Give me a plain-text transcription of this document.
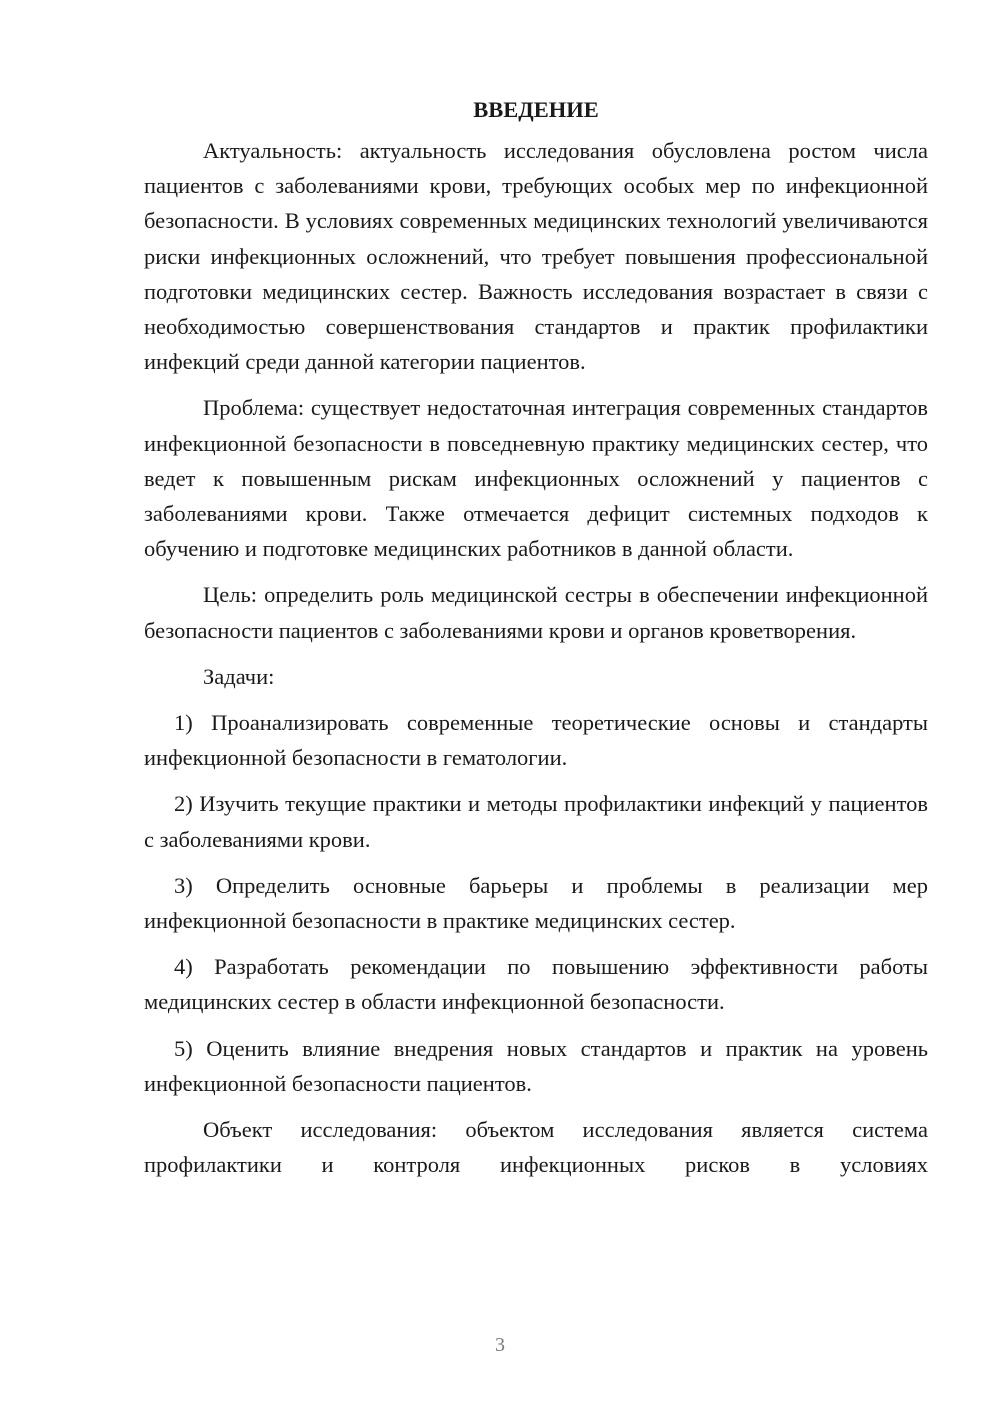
ВВЕДЕНИЕ

Актуальность: актуальность исследования обусловлена ростом числа пациентов с заболеваниями крови, требующих особых мер по инфекционной безопасности. В условиях современных медицинских технологий увеличиваются риски инфекционных осложнений, что требует повышения профессиональной подготовки медицинских сестер. Важность исследования возрастает в связи с необходимостью совершенствования стандартов и практик профилактики инфекций среди данной категории пациентов.

Проблема: существует недостаточная интеграция современных стандартов инфекционной безопасности в повседневную практику медицинских сестер, что ведет к повышенным рискам инфекционных осложнений у пациентов с заболеваниями крови. Также отмечается дефицит системных подходов к обучению и подготовке медицинских работников в данной области.

Цель: определить роль медицинской сестры в обеспечении инфекционной безопасности пациентов с заболеваниями крови и органов кроветворения.

Задачи:

1) Проанализировать современные теоретические основы и стандарты инфекционной безопасности в гематологии.

2) Изучить текущие практики и методы профилактики инфекций у пациентов с заболеваниями крови.

3) Определить основные барьеры и проблемы в реализации мер инфекционной безопасности в практике медицинских сестер.

4) Разработать рекомендации по повышению эффективности работы медицинских сестер в области инфекционной безопасности.

5) Оценить влияние внедрения новых стандартов и практик на уровень инфекционной безопасности пациентов.

Объект исследования: объектом исследования является система профилактики и контроля инфекционных рисков в условиях

3
